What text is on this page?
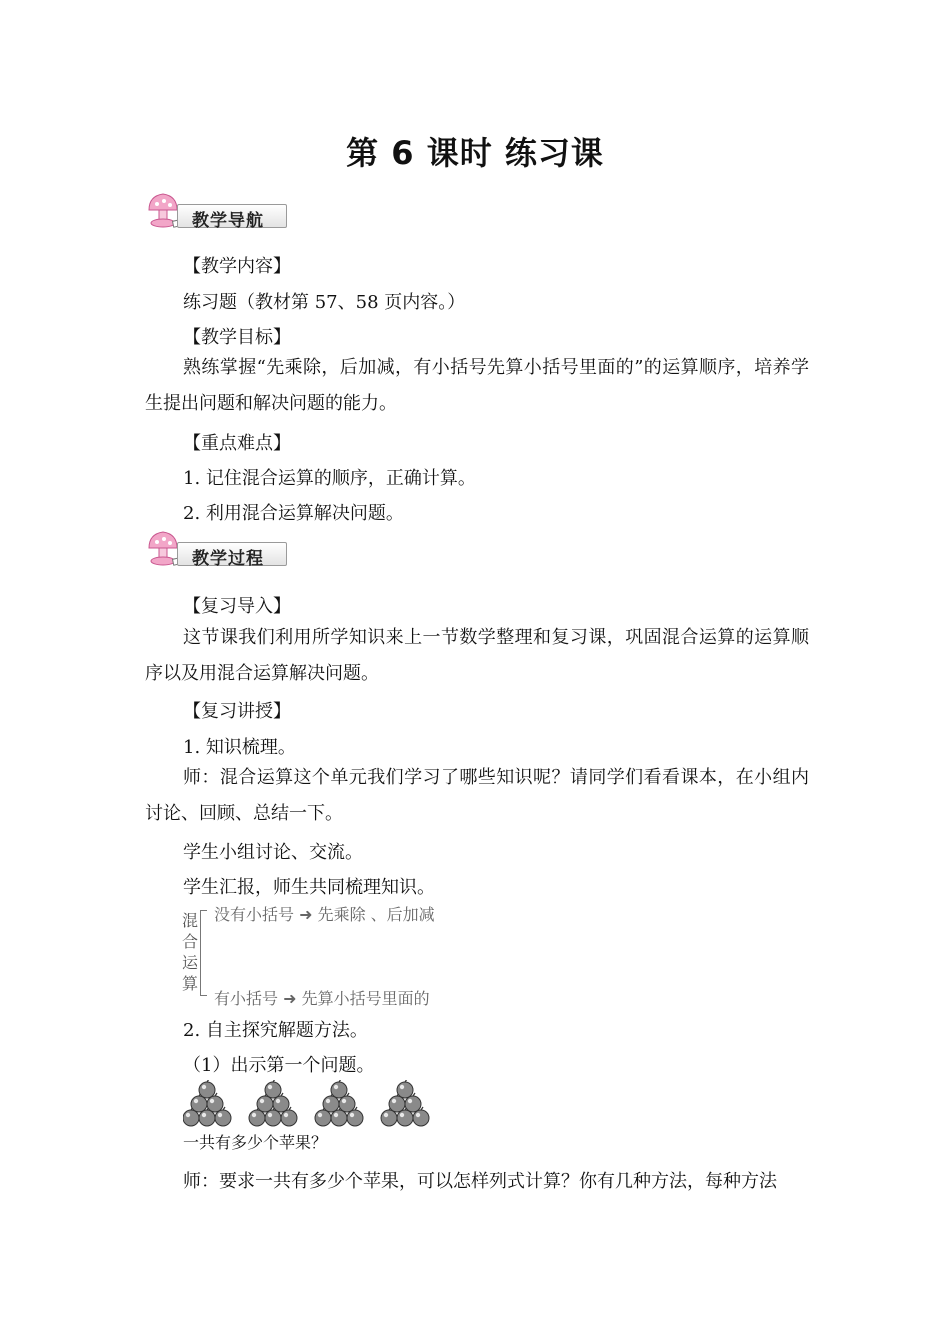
第 6 课时 练习课
教学导航
【教学内容】
练习题（教材第 57、58 页内容。）
【教学目标】
熟练掌握“先乘除，后加减，有小括号先算小括号里面的”的运算顺序，培养学生提出问题和解决问题的能力。
【重点难点】
1. 记住混合运算的顺序，正确计算。
2. 利用混合运算解决问题。
教学过程
【复习导入】
这节课我们利用所学知识来上一节数学整理和复习课，巩固混合运算的运算顺序以及用混合运算解决问题。
【复习讲授】
1. 知识梳理。
师：混合运算这个单元我们学习了哪些知识呢？请同学们看看课本，在小组内讨论、回顾、总结一下。
学生小组讨论、交流。
学生汇报，师生共同梳理知识。
混合运算
没有小括号 ➜ 先乘除 、后加减
有小括号 ➜ 先算小括号里面的
2. 自主探究解题方法。
（1）出示第一个问题。
一共有多少个苹果？
师：要求一共有多少个苹果，可以怎样列式计算？你有几种方法，每种方法
